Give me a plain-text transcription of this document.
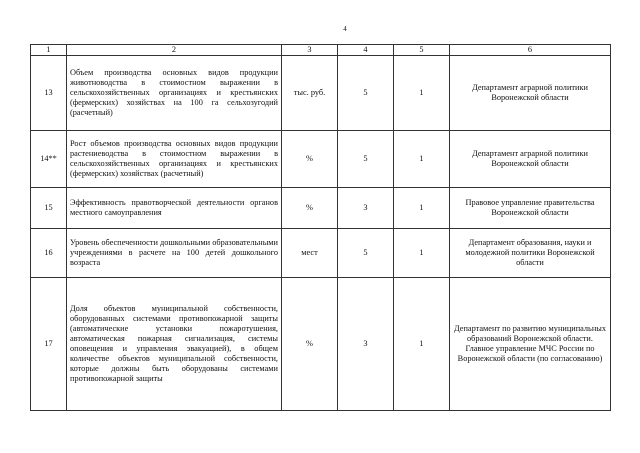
4
1	2	3	4	5	6
13	Объем производства основных видов продукции животноводства в стоимостном выражении в сельскохозяйственных организациях и крестьянских (фермерских) хозяйствах на 100 га сельхозугодий (расчетный)	тыс. руб.	5	1	Департамент аграрной политики Воронежской области
14**	Рост объемов производства основных видов продукции растениеводства в стоимостном выражении в сельскохозяйственных организациях и крестьянских (фермерских) хозяйствах (расчетный)	%	5	1	Департамент аграрной политики Воронежской области
15	Эффективность правотворческой деятельности органов местного самоуправления	%	3	1	Правовое управление правительства Воронежской области
16	Уровень обеспеченности дошкольными образовательными учреждениями в расчете на 100 детей дошкольного возраста	мест	5	1	Департамент образования, науки и молодежной политики Воронежской области
17	Доля объектов муниципальной собственности, оборудованных системами противопожарной защиты (автоматические установки пожаротушения, автоматическая пожарная сигнализация, системы оповещения и управления эвакуацией), в общем количестве объектов муниципальной собственности, которые должны быть оборудованы системами противопожарной защиты	%	3	1	Департамент по развитию муниципальных образований Воронежской области. Главное управление МЧС России по Воронежской области (по согласованию)
